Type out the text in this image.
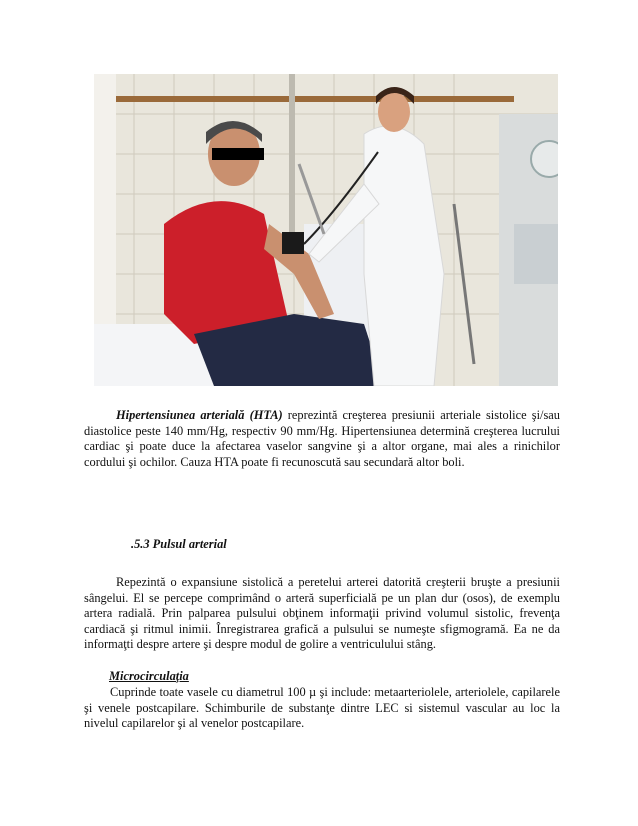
Hipertensiunea arterială (HTA) reprezintă creşterea presiunii arteriale sistolice şi/sau diastolice peste 140 mm/Hg, respectiv 90 mm/Hg. Hipertensiunea determină creşterea lucrului cardiac şi poate duce la afectarea vaselor sangvine şi a altor organe, mai ales a rinichilor cordului şi ochilor. Cauza HTA poate fi recunoscută sau secundară altor boli.
.5.3 Pulsul arterial
Repezintă o expansiune sistolică a peretelui arterei datorită creşterii bruşte a presiunii sângelui. El se percepe comprimând o arteră superficială pe un plan dur (osos), de exemplu artera radială. Prin palparea pulsului obţinem informaţii privind volumul sistolic, frevenţa cardiacă şi ritmul inimii. Înregistrarea grafică a pulsului se numeşte sfigmogramă. Ea ne da informaţti despre artere şi despre modul de golire a ventriculului stâng.
Microcirculaţia
Cuprinde toate vasele cu diametrul 100 µ şi include: metaarteriolele, arteriolele, capilarele şi venele postcapilare. Schimburile de substanţe dintre LEC si sistemul vascular au loc la nivelul capilarelor şi al venelor postcapilare.
